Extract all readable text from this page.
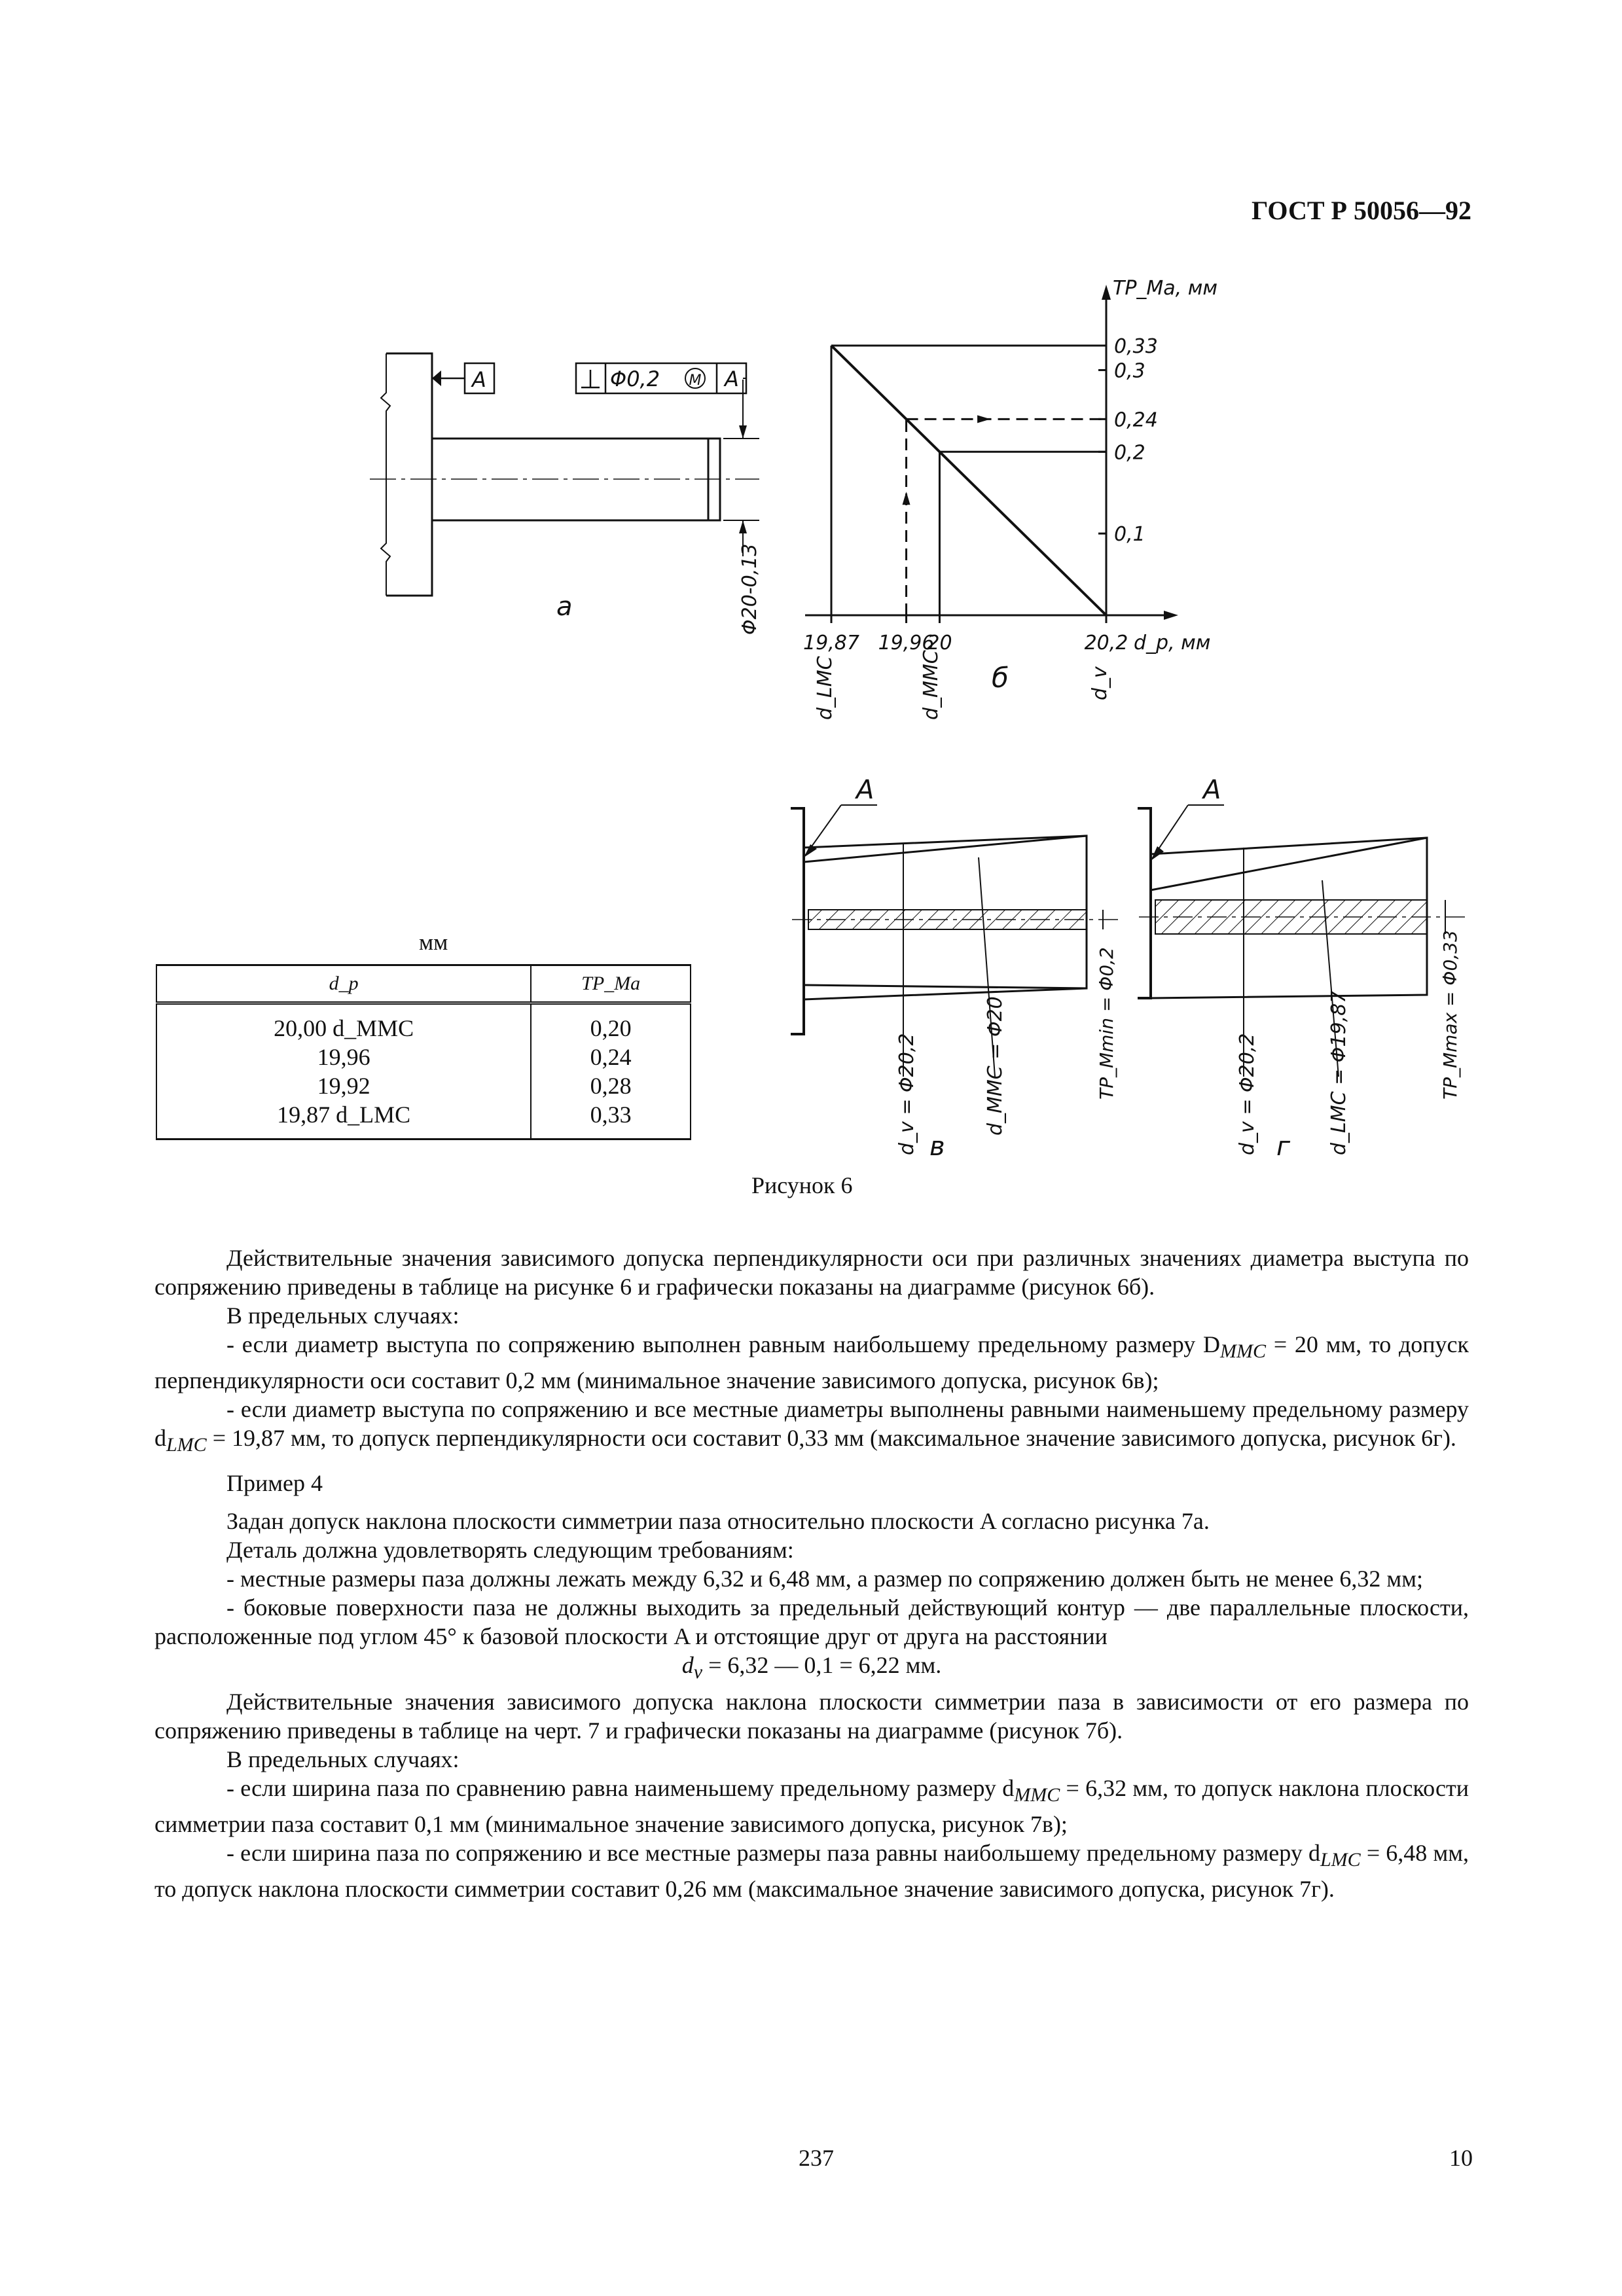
ГОСТ Р 50056—92
A	Φ0,2 M A
Φ20-0,13
а
TP_Ma, мм
d_p, мм
0,33
0,3
0,24
0,2
0,1
19,87 19,96
20	20,2
d_LMC	d_MMC	d_v
б
A
d_v = Φ20,2	d_MMC = Φ20	TP_Mmin = Φ0,2
в
A
d_v = Φ20,2	d_LMC = Φ19,87	TP_Mmax = Φ0,33
г
мм
d_p	TP_Ma
20,00 d_MMC	0,20
19,96	0,24
19,92	0,28
19,87 d_LMC	0,33
Рисунок 6

Действительные значения зависимого допуска перпендикулярности оси при различных значениях диаметра выступа по сопряжению приведены в таблице на рисунке 6 и графически показаны на диаграмме (рисунок 6б).

В предельных случаях:

- если диаметр выступа по сопряжению выполнен равным наибольшему предельному размеру $D_{MMC} = 20$ мм, то допуск перпендикулярности оси составит 0,2 мм (минимальное значение зависимого допуска, рисунок 6в);

- если диаметр выступа по сопряжению и все местные диаметры выполнены равными наименьшему предельному размеру $d_{LMC} = 19,87$ мм, то допуск перпендикулярности оси составит 0,33 мм (максимальное значение зависимого допуска, рисунок 6г).

Пример 4

Задан допуск наклона плоскости симметрии паза относительно плоскости A согласно рисунка 7а.

Деталь должна удовлетворять следующим требованиям:

- местные размеры паза должны лежать между 6,32 и 6,48 мм, а размер по сопряжению должен быть не менее 6,32 мм;

- боковые поверхности паза не должны выходить за предельный действующий контур — две параллельные плоскости, расположенные под углом 45° к базовой плоскости A и отстоящие друг от друга на расстоянии

$d_v = 6,32$ — 0,1 = 6,22 мм.

Действительные значения зависимого допуска наклона плоскости симметрии паза в зависимости от его размера по сопряжению приведены в таблице на черт. 7 и графически показаны на диаграмме (рисунок 7б).

В предельных случаях:

- если ширина паза по сравнению равна наименьшему предельному размеру $d_{MMC} = 6,32$ мм, то допуск наклона плоскости симметрии паза составит 0,1 мм (минимальное значение зависимого допуска, рисунок 7в);

- если ширина паза по сопряжению и все местные размеры паза равны наибольшему предельному размеру $d_{LMC} = 6,48$ мм, то допуск наклона плоскости симметрии составит 0,26 мм (максимальное значение зависимого допуска, рисунок 7г).

237	10
